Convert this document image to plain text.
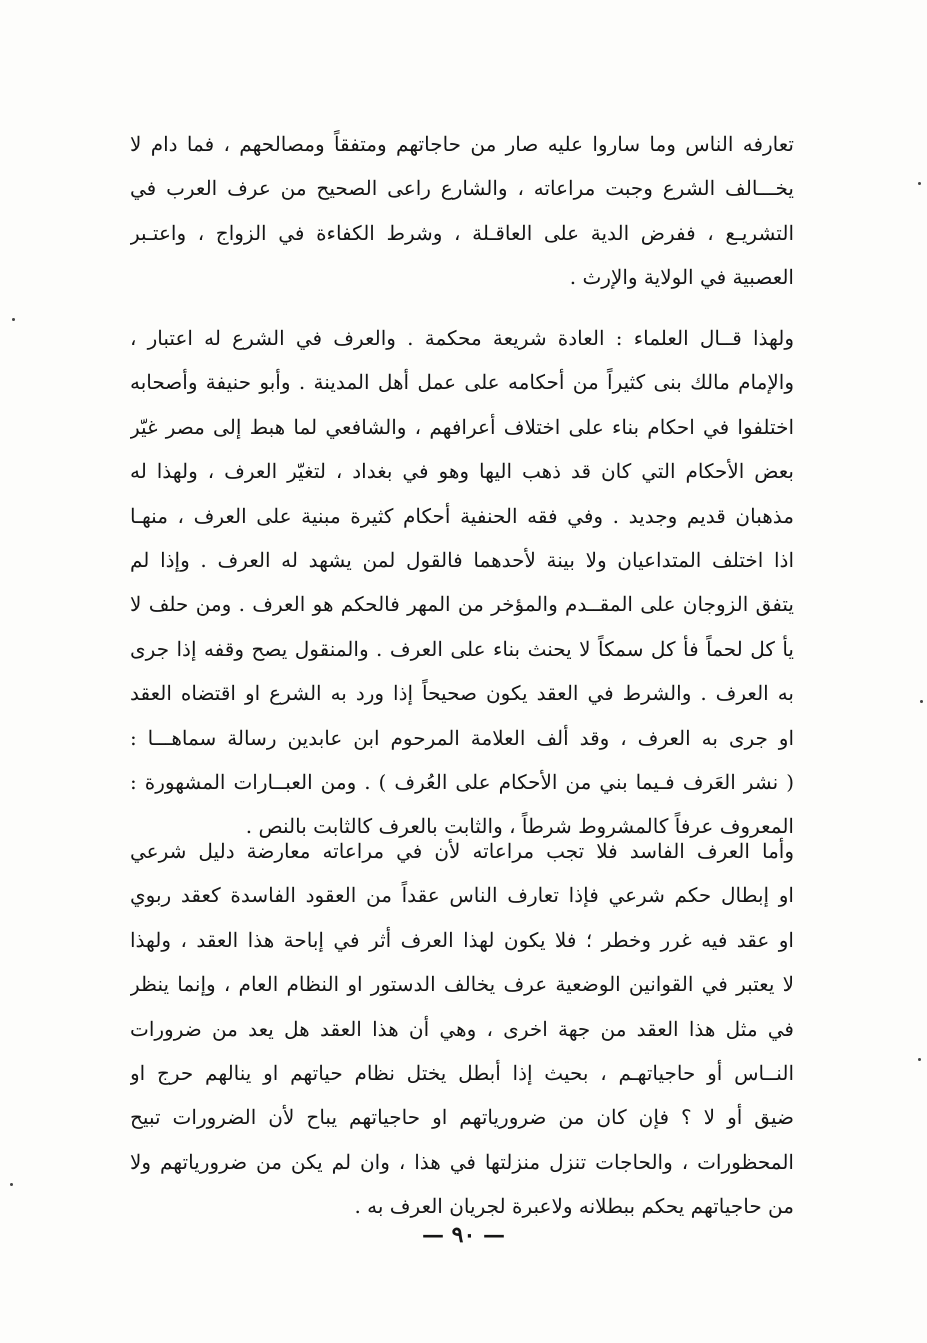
تعارفه الناس وما ساروا عليه صار من حاجاتهم ومتفقاً ومصالحهم ، فما دام لا
يخـــالف الشرع وجبت مراعاته ، والشارع راعى الصحيح من عرف العرب في
التشريـع ، ففرض الدية على العاقـلة ، وشرط الكفاءة في الزواج ، واعتـبر
العصبية في الولاية والإرث .
ولهذا قــال العلماء : العادة شريعة محكمة . والعرف في الشرع له اعتبار ،
والإمام مالك بنى كثيراً من أحكامه على عمل أهل المدينة . وأبو حنيفة وأصحابه
اختلفوا في احكام بناء على اختلاف أعرافهم ، والشافعي لما هبط إلى مصر غيّر
بعض الأحكام التي كان قد ذهب اليها وهو في بغداد ، لتغيّر العرف ، ولهذا له
مذهبان قديم وجديد . وفي فقه الحنفية أحكام كثيرة مبنية على العرف ، منهـا
اذا اختلف المتداعيان ولا بينة لأحدهما فالقول لمن يشهد له العرف . وإذا لم
يتفق الزوجان على المقــدم والمؤخر من المهر فالحكم هو العرف . ومن حلف لا
يأ كل لحماً فأ كل سمكاً لا يحنث بناء على العرف . والمنقول يصح وقفه إذا جرى
به العرف . والشرط في العقد يكون صحيحاً إذا ورد به الشرع او اقتضاه العقد
او جرى به العرف ، وقد ألف العلامة المرحوم ابن عابدين رسالة سماهـــا :
( نشر العَرف فـيما بني من الأحكام على العُرف ) . ومن العبــارات المشهورة :
المعروف عرفاً كالمشروط شرطاً ، والثابت بالعرف كالثابت بالنص .
وأما العرف الفاسد فلا تجب مراعاته لأن في مراعاته معارضة دليل شرعي
او إبطال حكم شرعي فإذا تعارف الناس عقداً من العقود الفاسدة كعقد ربوي
او عقد فيه غرر وخطر ؛ فلا يكون لهذا العرف أثر في إباحة هذا العقد ، ولهذا
لا يعتبر في القوانين الوضعية عرف يخالف الدستور او النظام العام ، وإنما ينظر
في مثل هذا العقد من جهة اخرى ، وهي أن هذا العقد هل يعد من ضرورات
النــاس أو حاجياتهـم ، بحيث إذا أبطل يختل نظام حياتهم او ينالهم حرج او
ضيق أو لا ؟ فإن كان من ضرورياتهم او حاجياتهم يباح لأن الضرورات تبيح
المحظورات ، والحاجات تنزل منزلتها في هذا ، وان لم يكن من ضرورياتهم ولا
من حاجياتهم يحكم ببطلانه ولاعبرة لجريان العرف به .
— ٩٠ —
